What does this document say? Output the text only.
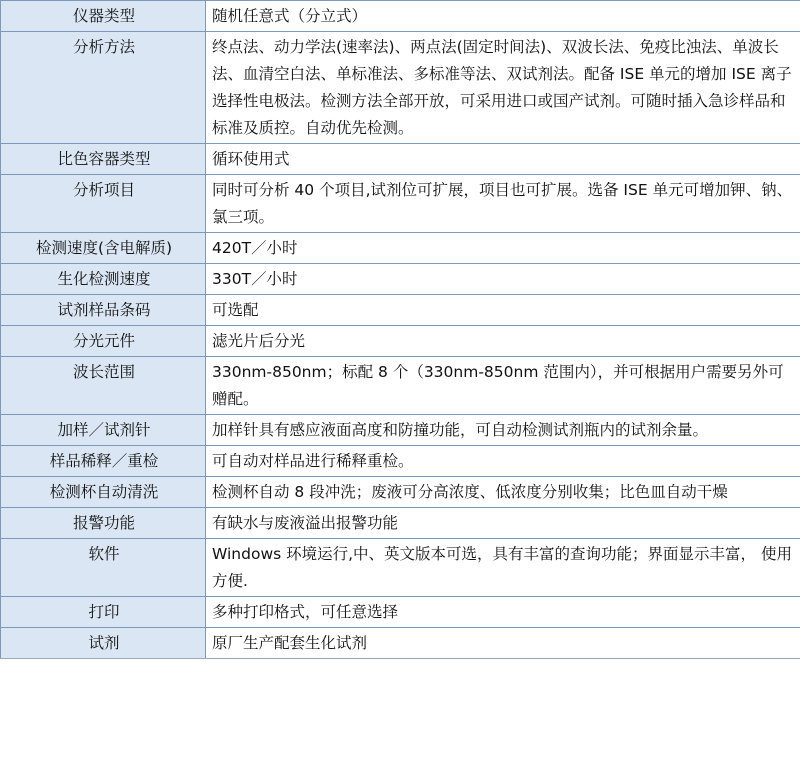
仪器类型	随机任意式（分立式）
分析方法	终点法、动力学法(速率法)、两点法(固定时间法)、双波长法、免疫比浊法、单波长法、血清空白法、单标准法、多标准等法、双试剂法。配备 ISE 单元的增加 ISE 离子选择性电极法。检测方法全部开放，可采用进口或国产试剂。可随时插入急诊样品和标准及质控。自动优先检测。
比色容器类型	循环使用式
分析项目	同时可分析 40 个项目,试剂位可扩展，项目也可扩展。选备 ISE 单元可增加钾、钠、氯三项。
检测速度(含电解质)	420T／小时
生化检测速度	330T／小时
试剂样品条码	可选配
分光元件	滤光片后分光
波长范围	330nm-850nm；标配 8 个（330nm-850nm 范围内），并可根据用户需要另外可赠配。
加样／试剂针	加样针具有感应液面高度和防撞功能，可自动检测试剂瓶内的试剂余量。
样品稀释／重检	可自动对样品进行稀释重检。
检测杯自动清洗	检测杯自动 8 段冲洗；废液可分高浓度、低浓度分别收集；比色皿自动干燥
报警功能	有缺水与废液溢出报警功能
软件	Windows 环境运行,中、英文版本可选，具有丰富的查询功能；界面显示丰富， 使用方便.
打印	多种打印格式，可任意选择
试剂	原厂生产配套生化试剂
